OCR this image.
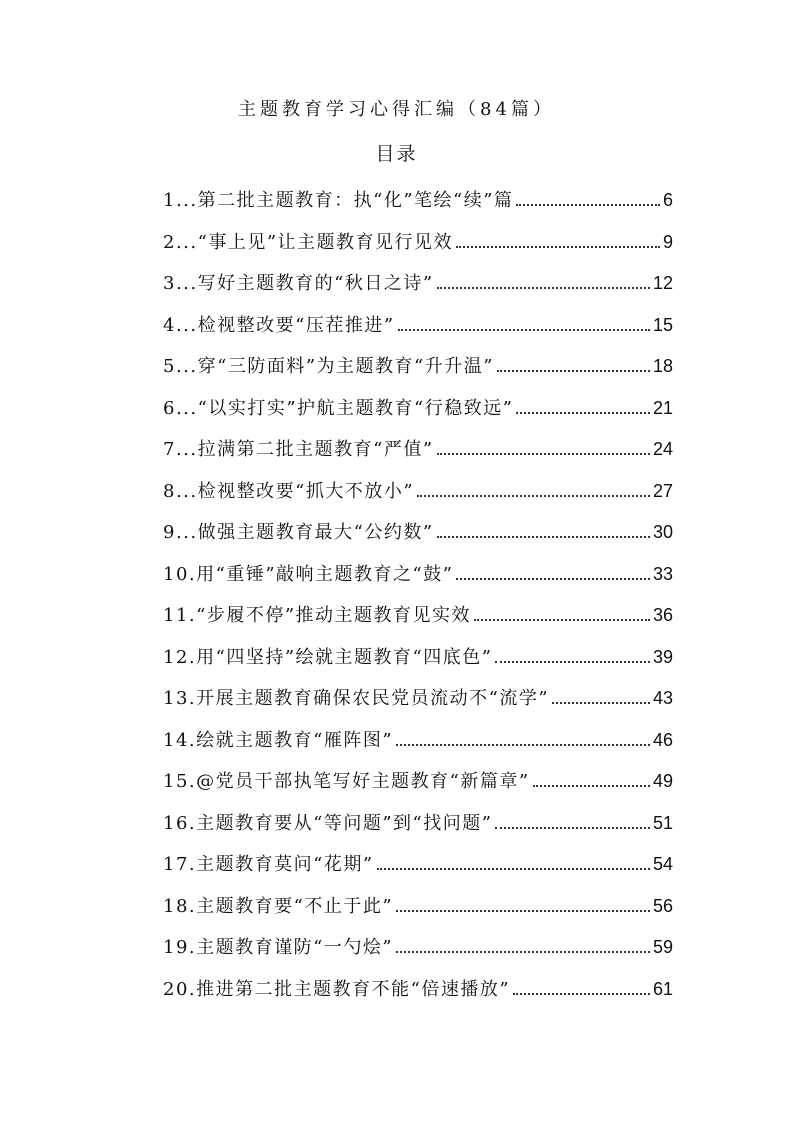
主题教育学习心得汇编（84篇）
目录
1...第二批主题教育：执“化”笔绘“续”篇	6
2...“事上见”让主题教育见行见效	9
3...写好主题教育的“秋日之诗”	12
4...检视整改要“压茬推进”	15
5...穿“三防面料”为主题教育“升升温”	18
6...“以实打实”护航主题教育“行稳致远”	21
7...拉满第二批主题教育“严值”	24
8...检视整改要“抓大不放小”	27
9...做强主题教育最大“公约数”	30
10.用“重锤”敲响主题教育之“鼓”	33
11.“步履不停”推动主题教育见实效	36
12.用“四坚持”绘就主题教育“四底色”	39
13.开展主题教育确保农民党员流动不“流学”	43
14.绘就主题教育“雁阵图”	46
15.@党员干部执笔写好主题教育“新篇章”	49
16.主题教育要从“等问题”到“找问题”	51
17.主题教育莫问“花期”	54
18.主题教育要“不止于此”	56
19.主题教育谨防“一勺烩”	59
20.推进第二批主题教育不能“倍速播放”	61
